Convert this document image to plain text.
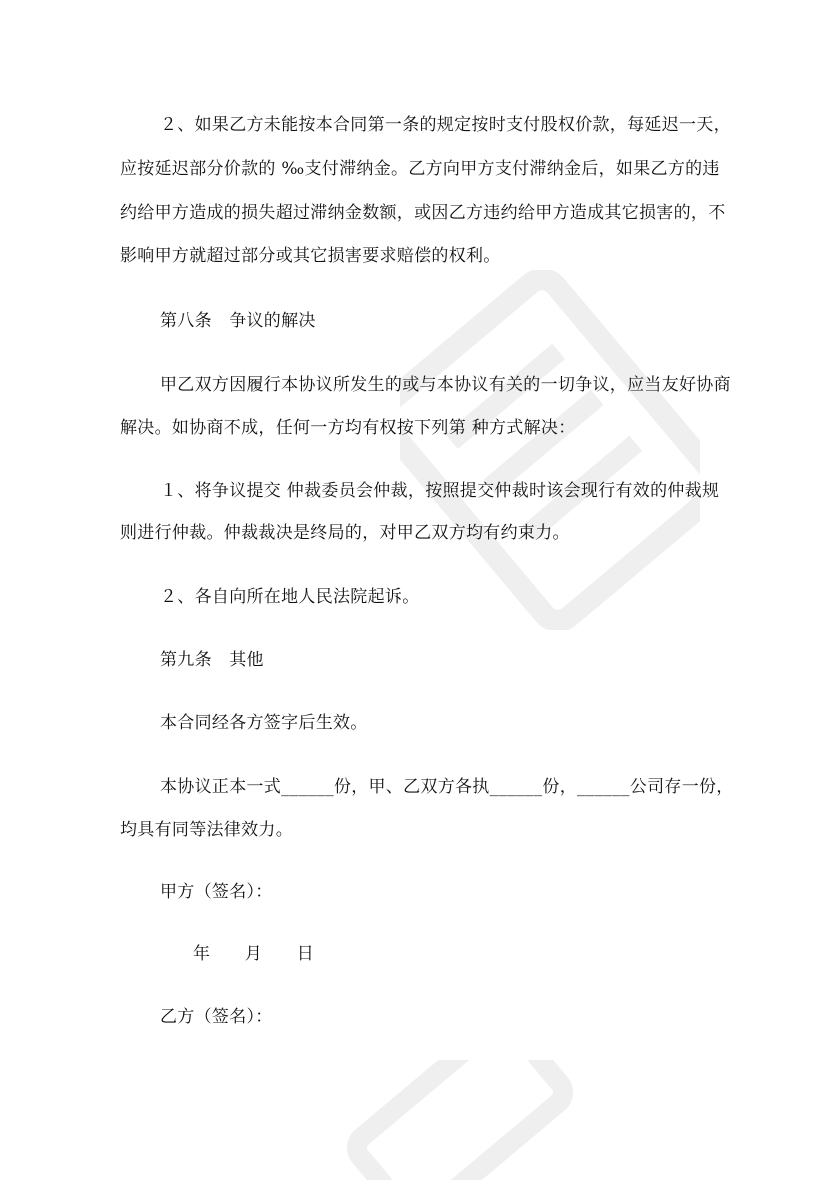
２、如果乙方未能按本合同第一条的规定按时支付股权价款，每延迟一天，
应按延迟部分价款的 ‰支付滞纳金。乙方向甲方支付滞纳金后，如果乙方的违
约给甲方造成的损失超过滞纳金数额，或因乙方违约给甲方造成其它损害的，不
影响甲方就超过部分或其它损害要求赔偿的权利。
第八条　争议的解决
甲乙双方因履行本协议所发生的或与本协议有关的一切争议，应当友好协商
解决。如协商不成，任何一方均有权按下列第 种方式解决：
１、将争议提交 仲裁委员会仲裁，按照提交仲裁时该会现行有效的仲裁规
则进行仲裁。仲裁裁决是终局的，对甲乙双方均有约束力。
２、各自向所在地人民法院起诉。
第九条　其他
本合同经各方签字后生效。
本协议正本一式______份，甲、乙双方各执______份，______公司存一份，
均具有同等法律效力。
甲方（签名）：
年　　月　　日
乙方（签名）：
